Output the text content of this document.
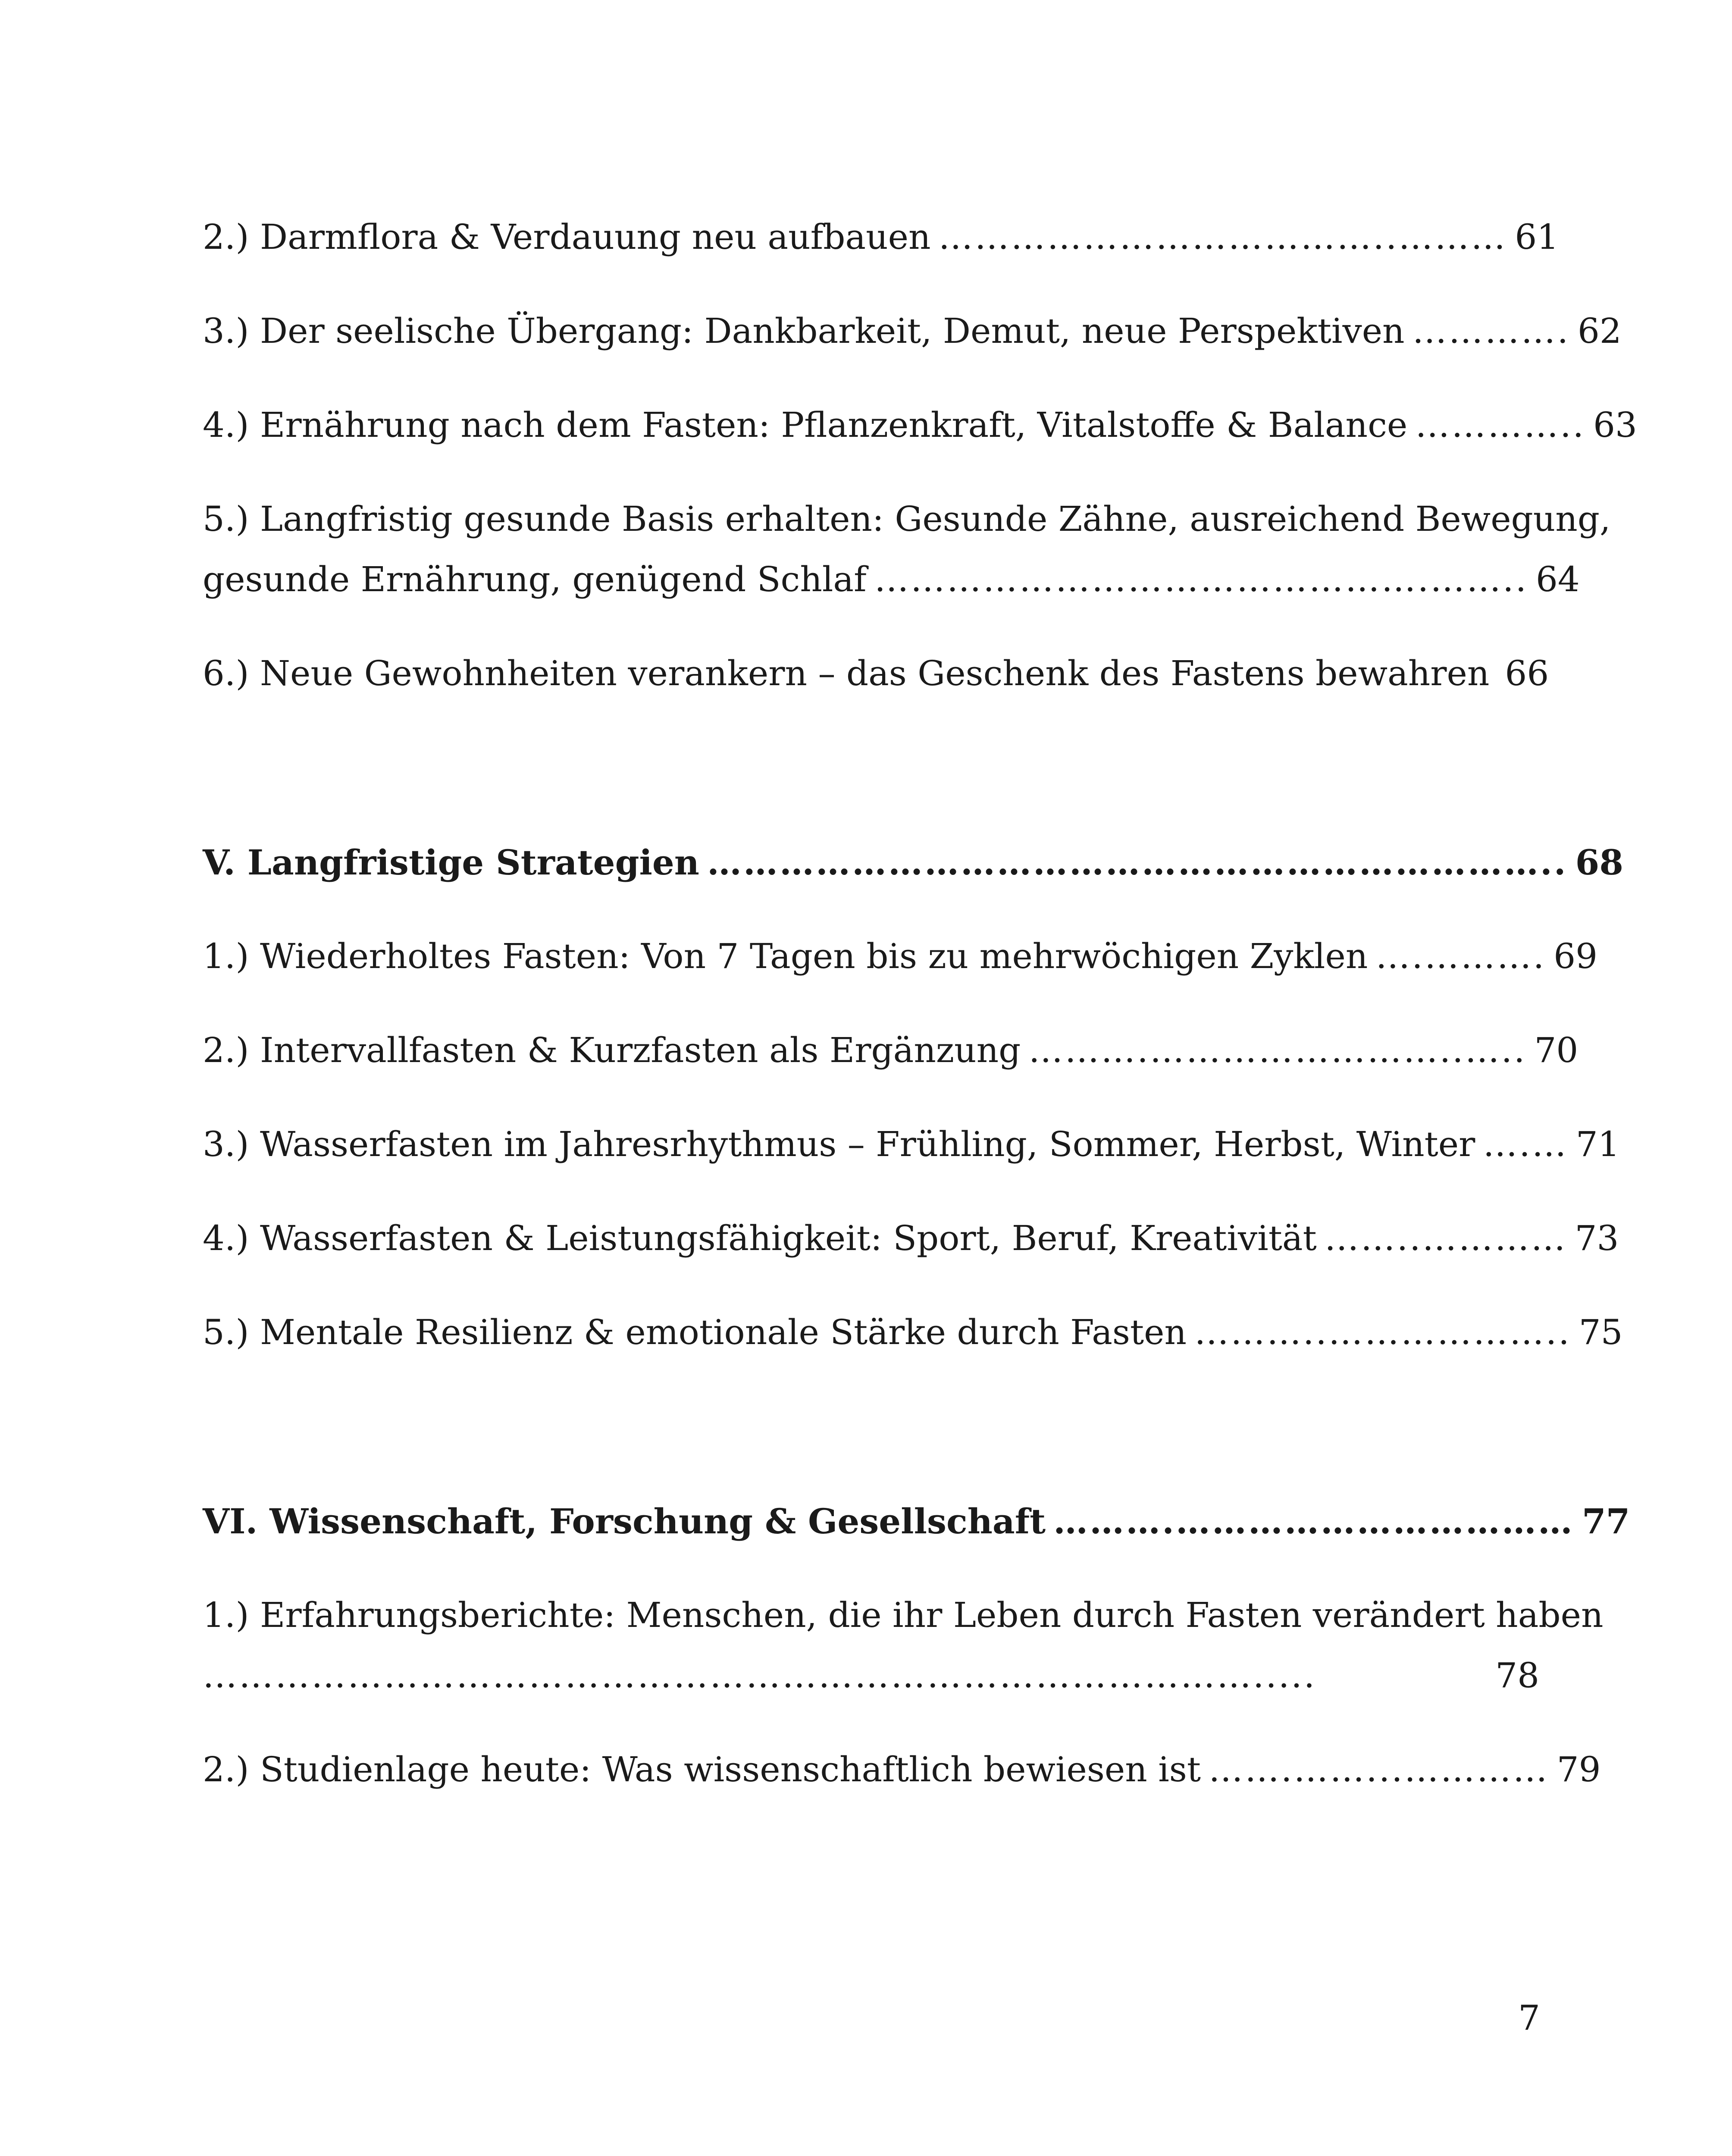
2.) Darmflora & Verdauung neu aufbauen ………………………………..……… 61
3.) Der seelische Übergang: Dankbarkeit, Demut, neue Perspektiven …………. 62
4.) Ernährung nach dem Fasten: Pflanzenkraft, Vitalstoffe & Balance ………….. 63
5.) Langfristig gesunde Basis erhalten: Gesunde Zähne, ausreichend Bewegung,
gesunde Ernährung, genügend Schlaf ……………………………………….…….. 64
6.) Neue Gewohnheiten verankern – das Geschenk des Fastens bewahren 66
V. Langfristige Strategien …………………………………………………………….. 68
1.) Wiederholtes Fasten: Von 7 Tagen bis zu mehrwöchigen Zyklen ….………. 69
2.) Intervallfasten & Kurzfasten als Ergänzung ……….……………………..….. 70
3.) Wasserfasten im Jahresrhythmus – Frühling, Sommer, Herbst, Winter ….… 71
4.) Wasserfasten & Leistungsfähigkeit: Sport, Beruf, Kreativität ……..………… 73
5.) Mentale Resilienz & emotionale Stärke durch Fasten ………..……………….. 75
VI. Wissenschaft, Forschung & Gesellschaft ……….…………………………… 77
1.) Erfahrungsberichte: Menschen, die ihr Leben durch Fasten verändert haben
…………………………………………………………………………….....	78
2.) Studienlage heute: Was wissenschaftlich bewiesen ist …….……...………… 79
7
